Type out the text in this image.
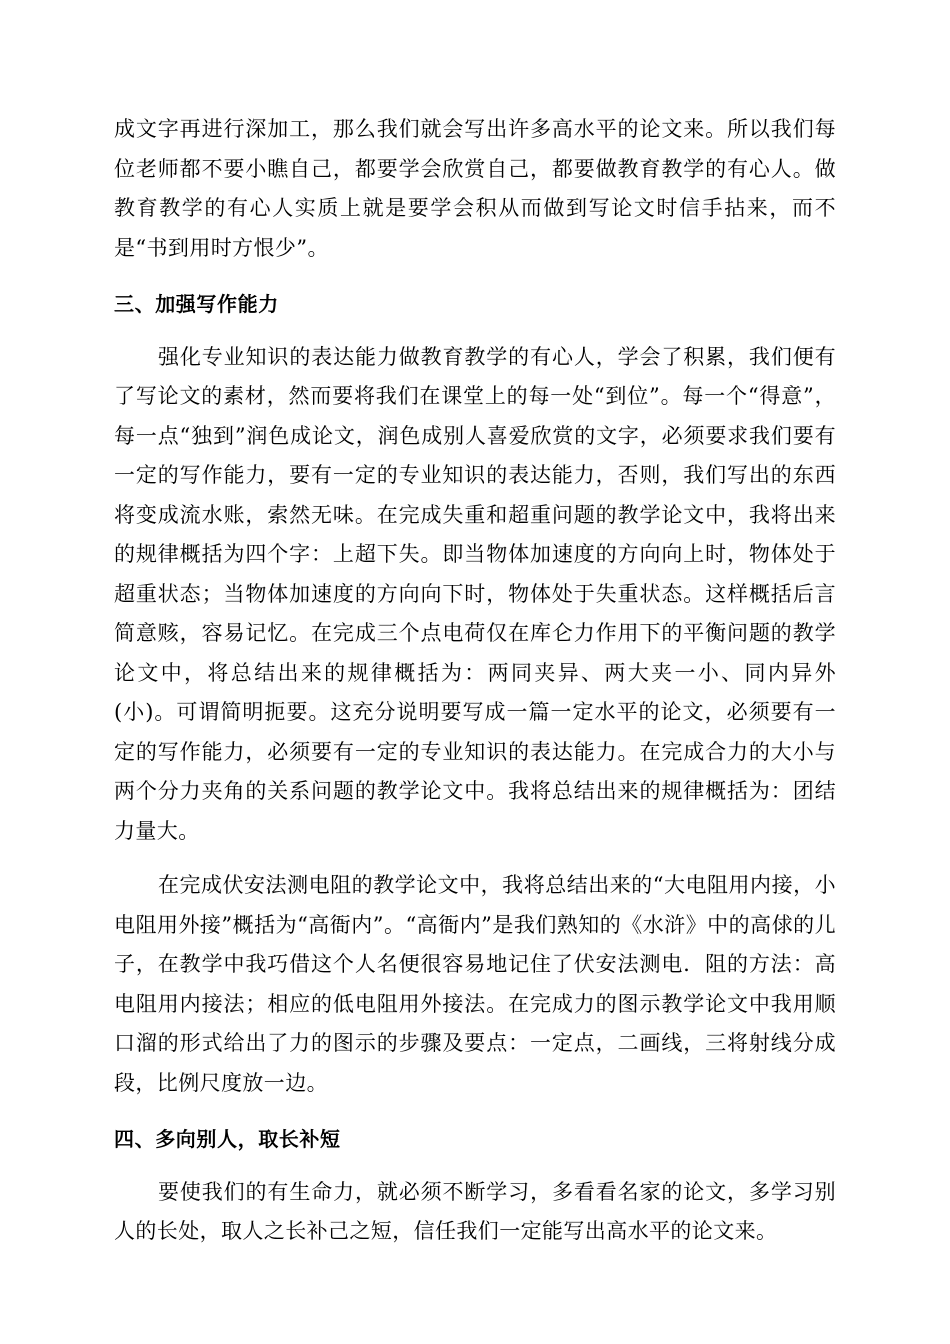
成文字再进行深加工，那么我们就会写出许多高水平的论文来。所以我们每位老师都不要小瞧自己，都要学会欣赏自己，都要做教育教学的有心人。做教育教学的有心人实质上就是要学会积从而做到写论文时信手拈来，而不是“书到用时方恨少”。

三、加强写作能力

强化专业知识的表达能力做教育教学的有心人，学会了积累，我们便有了写论文的素材，然而要将我们在课堂上的每一处“到位”。每一个“得意”，每一点“独到”润色成论文，润色成别人喜爱欣赏的文字，必须要求我们要有一定的写作能力，要有一定的专业知识的表达能力，否则，我们写出的东西将变成流水账，索然无味。在完成失重和超重问题的教学论文中，我将出来的规律概括为四个字：上超下失。即当物体加速度的方向向上时，物体处于超重状态；当物体加速度的方向向下时，物体处于失重状态。这样概括后言简意赅，容易记忆。在完成三个点电荷仅在库仑力作用下的平衡问题的教学论文中，将总结出来的规律概括为：两同夹异、两大夹一小、同内异外(小)。可谓简明扼要。这充分说明要写成一篇一定水平的论文，必须要有一定的写作能力，必须要有一定的专业知识的表达能力。在完成合力的大小与两个分力夹角的关系问题的教学论文中。我将总结出来的规律概括为：团结力量大。

在完成伏安法测电阻的教学论文中，我将总结出来的“大电阻用内接，小电阻用外接”概括为“高衙内”。“高衙内”是我们熟知的《水浒》中的高俅的儿子，在教学中我巧借这个人名便很容易地记住了伏安法测电．阻的方法：高电阻用内接法；相应的低电阻用外接法。在完成力的图示教学论文中我用顺口溜的形式给出了力的图示的步骤及要点：一定点，二画线，三将射线分成段，比例尺度放一边。

四、多向别人，取长补短

要使我们的有生命力，就必须不断学习，多看看名家的论文，多学习别人的长处，取人之长补己之短，信任我们一定能写出高水平的论文来。
